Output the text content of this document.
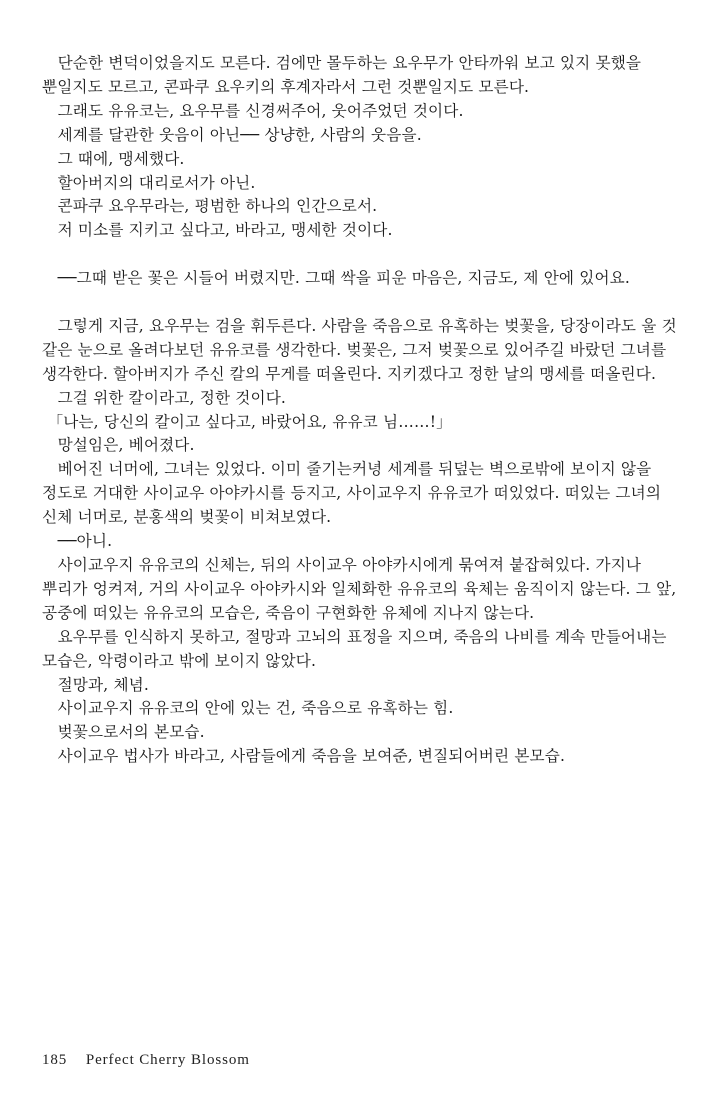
단순한 변덕이었을지도 모른다. 검에만 몰두하는 요우무가 안타까워 보고 있지 못했을 뿐일지도 모르고, 콘파쿠 요우키의 후계자라서 그런 것뿐일지도 모른다.

그래도 유유코는, 요우무를 신경써주어, 웃어주었던 것이다.

세계를 달관한 웃음이 아닌── 상냥한, 사람의 웃음을.

그 때에, 맹세했다.

할아버지의 대리로서가 아닌.

콘파쿠 요우무라는, 평범한 하나의 인간으로서.

저 미소를 지키고 싶다고, 바라고, 맹세한 것이다.

──그때 받은 꽃은 시들어 버렸지만. 그때 싹을 피운 마음은, 지금도, 제 안에 있어요.

그렇게 지금, 요우무는 검을 휘두른다. 사람을 죽음으로 유혹하는 벚꽃을, 당장이라도 울 것 같은 눈으로 올려다보던 유유코를 생각한다. 벚꽃은, 그저 벚꽃으로 있어주길 바랐던 그녀를 생각한다. 할아버지가 주신 칼의 무게를 떠올린다. 지키겠다고 정한 날의 맹세를 떠올린다.

그걸 위한 칼이라고, 정한 것이다.

「나는, 당신의 칼이고 싶다고, 바랐어요, 유유코 님……!」

망설임은, 베어졌다.

베어진 너머에, 그녀는 있었다. 이미 줄기는커녕 세계를 뒤덮는 벽으로밖에 보이지 않을 정도로 거대한 사이교우 아야카시를 등지고, 사이교우지 유유코가 떠있었다. 떠있는 그녀의 신체 너머로, 분홍색의 벚꽃이 비쳐보였다.

──아니.

사이교우지 유유코의 신체는, 뒤의 사이교우 아야카시에게 묶여져 붙잡혀있다. 가지나 뿌리가 엉켜져, 거의 사이교우 아야카시와 일체화한 유유코의 육체는 움직이지 않는다. 그 앞, 공중에 떠있는 유유코의 모습은, 죽음이 구현화한 유체에 지나지 않는다.

요우무를 인식하지 못하고, 절망과 고뇌의 표정을 지으며, 죽음의 나비를 계속 만들어내는 모습은, 악령이라고 밖에 보이지 않았다.

절망과, 체념.

사이교우지 유유코의 안에 있는 건, 죽음으로 유혹하는 힘.

벚꽃으로서의 본모습.

사이교우 법사가 바라고, 사람들에게 죽음을 보여준, 변질되어버린 본모습.

185 Perfect Cherry Blossom
